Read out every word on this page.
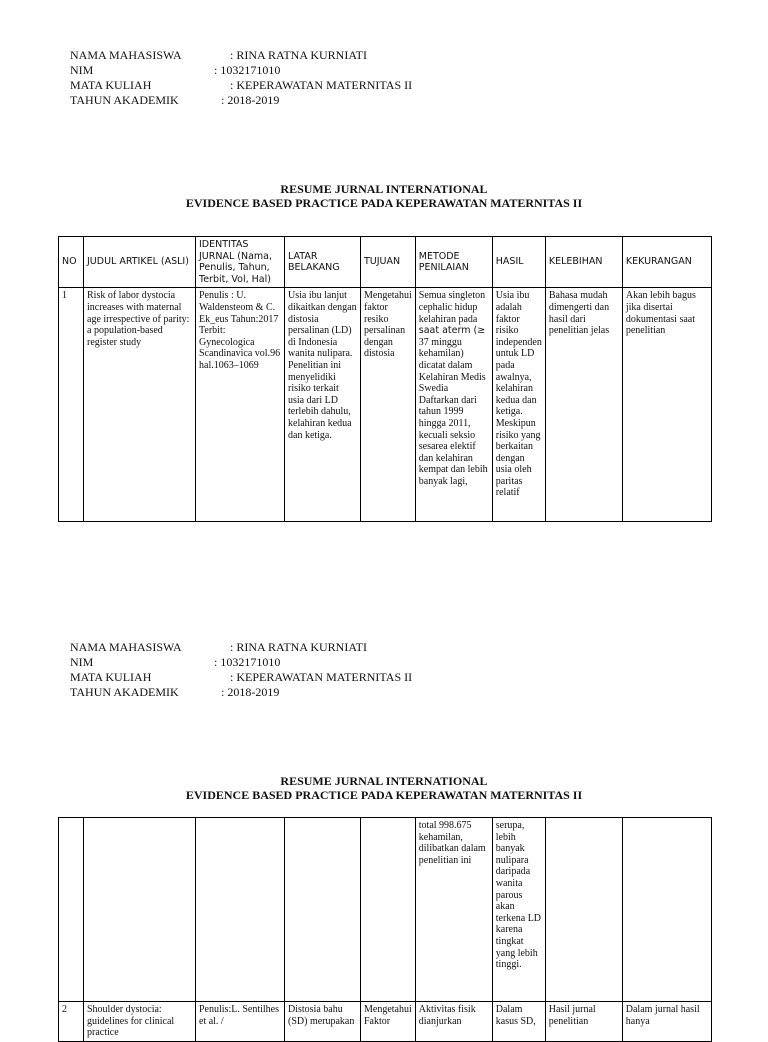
NAMA MAHASISWA	: RINA RATNA KURNIATI
NIM	: 1032171010
MATA KULIAH	: KEPERAWATAN MATERNITAS II
TAHUN AKADEMIK	: 2018-2019
RESUME JURNAL INTERNATIONAL
EVIDENCE BASED PRACTICE PADA KEPERAWATAN MATERNITAS II
NO	JUDUL ARTIKEL (ASLI)	IDENTITAS JURNAL (Nama, Penulis, Tahun, Terbit, Vol, Hal)	LATAR BELAKANG	TUJUAN	METODE PENILAIAN	HASIL	KELEBIHAN	KEKURANGAN
1	Risk of labor dystocia increases with maternal age irrespective of parity: a population-based register study	Penulis : U. Waldensteom & C. Ek_eus Tahun:2017 Terbit: Gynecologica Scandinavica vol.96 hal.1063–1069	Usia ibu lanjut dikaitkan dengan distosia persalinan (LD) di Indonesia wanita nulipara. Penelitian ini menyelidiki risiko terkait usia dari LD terlebih dahulu, kelahiran kedua dan ketiga.	Mengetahui faktor resiko persalinan dengan distosia	Semua singleton cephalic hidup kelahiran pada saat aterm (≥ 37 minggu kehamilan) dicatat dalam Kelahiran Medis Swedia Daftarkan dari tahun 1999 hingga 2011, kecuali seksio sesarea elektif dan kelahiran kempat dan lebih banyak lagi,	Usia ibu adalah faktor risiko independen untuk LD pada awalnya, kelahiran kedua dan ketiga. Meskipun risiko yang berkaitan dengan usia oleh paritas relatif	Bahasa mudah dimengerti dan hasil dari penelitian jelas	Akan lebih bagus jika disertai dokumentasi saat penelitian
NAMA MAHASISWA	: RINA RATNA KURNIATI
NIM	: 1032171010
MATA KULIAH	: KEPERAWATAN MATERNITAS II
TAHUN AKADEMIK	: 2018-2019
RESUME JURNAL INTERNATIONAL
EVIDENCE BASED PRACTICE PADA KEPERAWATAN MATERNITAS II
					total 998.675 kehamilan, dilibatkan dalam penelitian ini	serupa, lebih banyak nulipara daripada wanita parous akan terkena LD karena tingkat yang lebih tinggi.		
2	Shoulder dystocia: guidelines for clinical practice	Penulis:L. Sentilhes et al. /	Distosia bahu (SD) merupakan	Mengetahui Faktor	Aktivitas fisik dianjurkan	Dalam kasus SD,	Hasil jurnal penelitian	Dalam jurnal hasil hanya
